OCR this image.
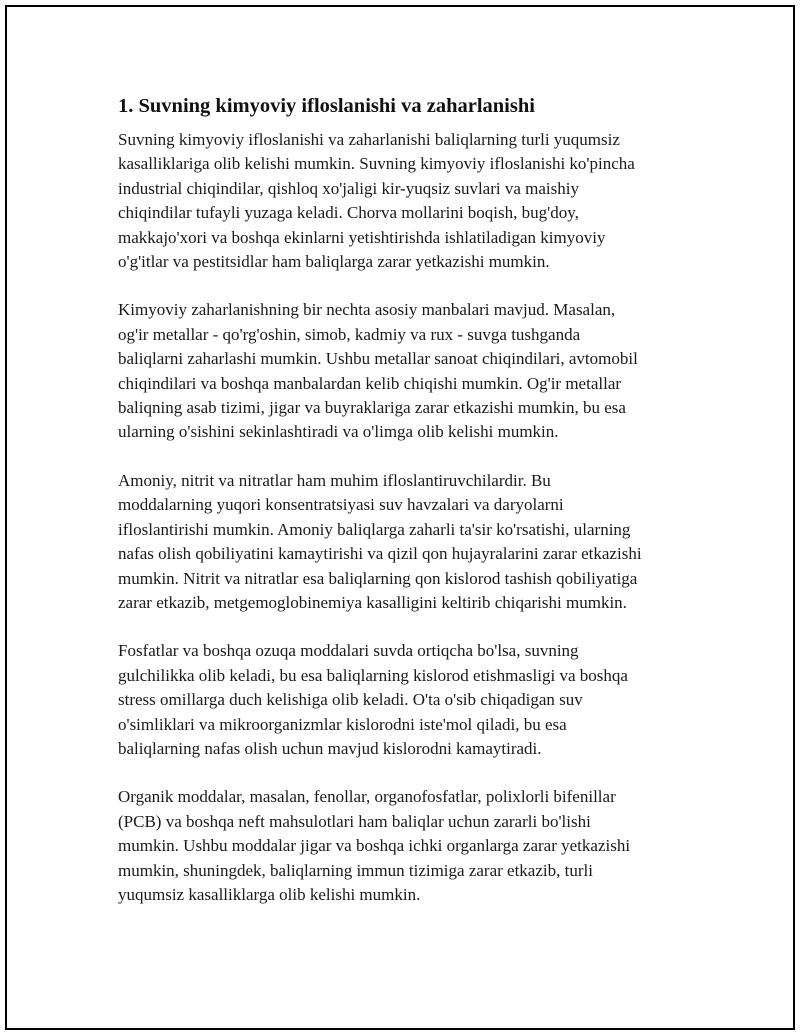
1. Suvning kimyoviy ifloslanishi va zaharlanishi

Suvning kimyoviy ifloslanishi va zaharlanishi baliqlarning turli yuqumsiz
kasalliklariga olib kelishi mumkin. Suvning kimyoviy ifloslanishi ko'pincha
industrial chiqindilar, qishloq xo'jaligi kir-yuqsiz suvlari va maishiy
chiqindilar tufayli yuzaga keladi. Chorva mollarini boqish, bug'doy,
makkajo'xori va boshqa ekinlarni yetishtirishda ishlatiladigan kimyoviy
o'g'itlar va pestitsidlar ham baliqlarga zarar yetkazishi mumkin.

Kimyoviy zaharlanishning bir nechta asosiy manbalari mavjud. Masalan,
og'ir metallar - qo'rg'oshin, simob, kadmiy va rux - suvga tushganda
baliqlarni zaharlashi mumkin. Ushbu metallar sanoat chiqindilari, avtomobil
chiqindilari va boshqa manbalardan kelib chiqishi mumkin. Og'ir metallar
baliqning asab tizimi, jigar va buyraklariga zarar etkazishi mumkin, bu esa
ularning o'sishini sekinlashtiradi va o'limga olib kelishi mumkin.

Amoniy, nitrit va nitratlar ham muhim ifloslantiruvchilardir. Bu
moddalarning yuqori konsentratsiyasi suv havzalari va daryolarni
ifloslantirishi mumkin. Amoniy baliqlarga zaharli ta'sir ko'rsatishi, ularning
nafas olish qobiliyatini kamaytirishi va qizil qon hujayralarini zarar etkazishi
mumkin. Nitrit va nitratlar esa baliqlarning qon kislorod tashish qobiliyatiga
zarar etkazib, metgemoglobinemiya kasalligini keltirib chiqarishi mumkin.

Fosfatlar va boshqa ozuqa moddalari suvda ortiqcha bo'lsa, suvning
gulchilikka olib keladi, bu esa baliqlarning kislorod etishmasligi va boshqa
stress omillarga duch kelishiga olib keladi. O'ta o'sib chiqadigan suv
o'simliklari va mikroorganizmlar kislorodni iste'mol qiladi, bu esa
baliqlarning nafas olish uchun mavjud kislorodni kamaytiradi.

Organik moddalar, masalan, fenollar, organofosfatlar, polixlorli bifenillar
(PCB) va boshqa neft mahsulotlari ham baliqlar uchun zararli bo'lishi
mumkin. Ushbu moddalar jigar va boshqa ichki organlarga zarar yetkazishi
mumkin, shuningdek, baliqlarning immun tizimiga zarar etkazib, turli
yuqumsiz kasalliklarga olib kelishi mumkin.
